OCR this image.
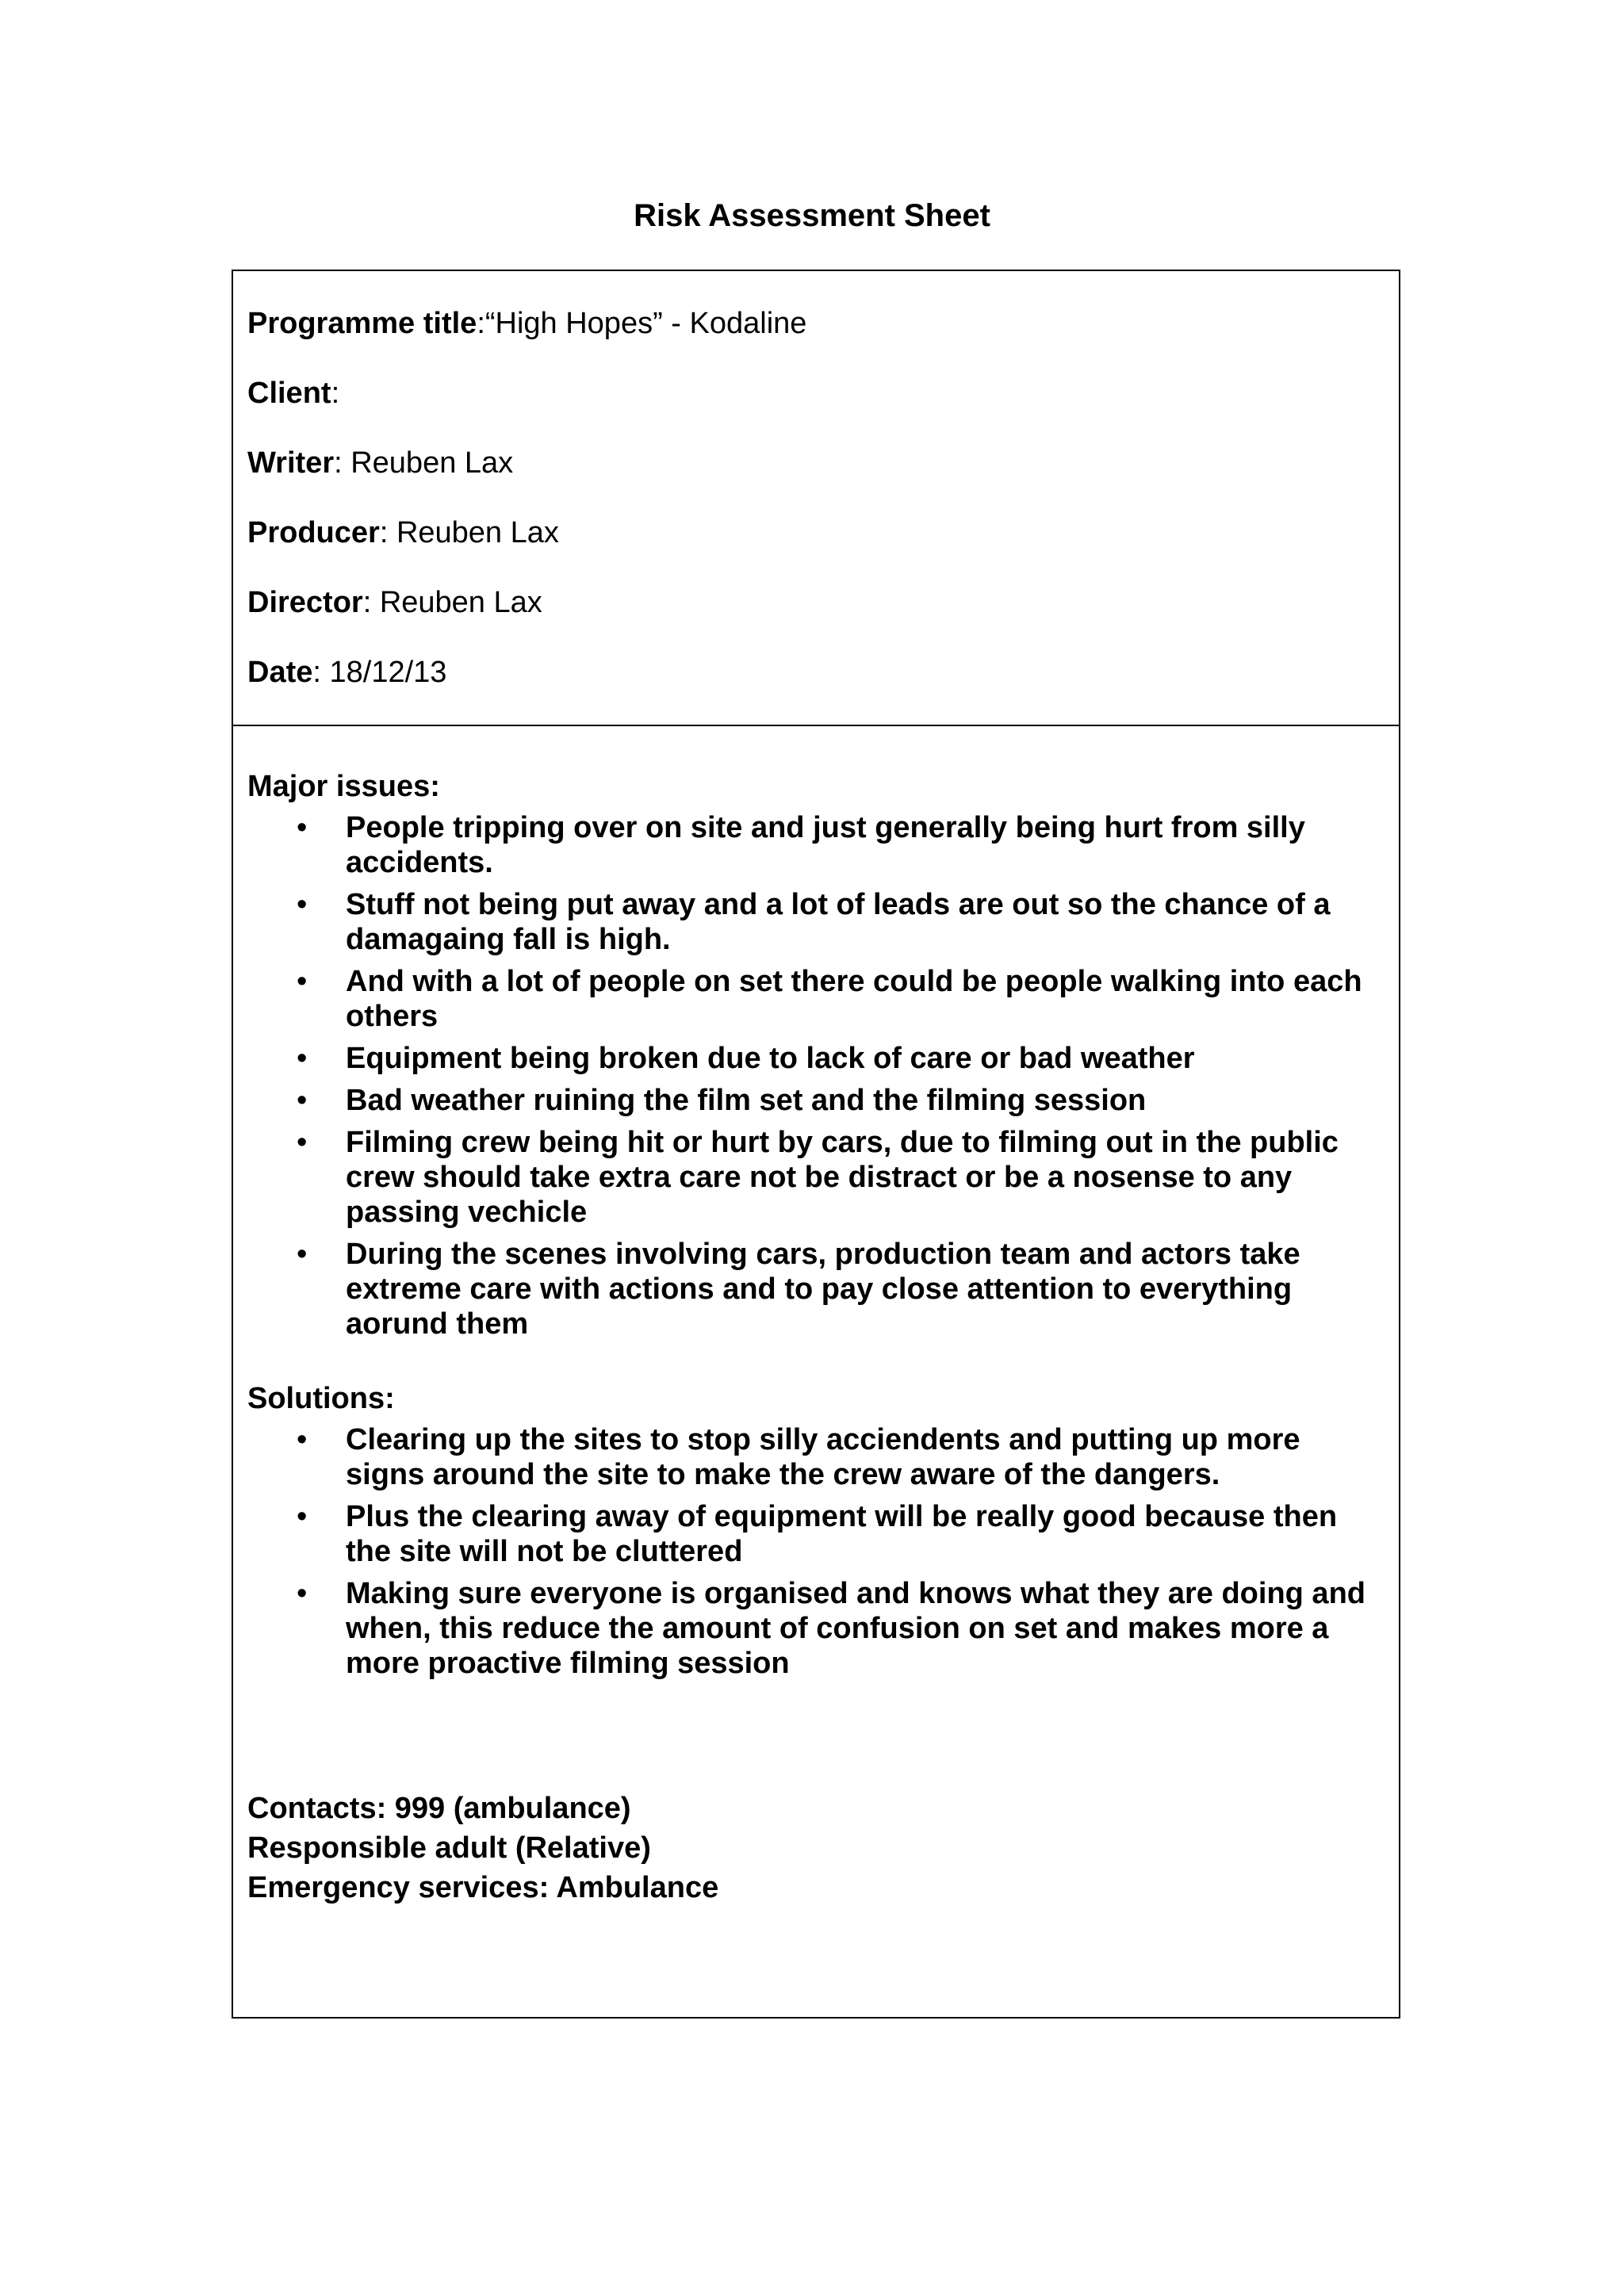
Risk Assessment Sheet
Programme title:“High Hopes” - Kodaline
Client:
Writer: Reuben Lax
Producer: Reuben Lax
Director: Reuben Lax
Date: 18/12/13
Major issues:
• People tripping over on site and just generally being hurt from silly accidents.
• Stuff not being put away and a lot of leads are out so the chance of a damagaing fall is high.
• And with a lot of people on set there could be people walking into each others
• Equipment being broken due to lack of care or bad weather
• Bad weather ruining the film set and the filming session
• Filming crew being hit or hurt by cars, due to filming out in the public crew should take extra care not be distract or be a nosense to any passing vechicle
• During the scenes involving cars, production team and actors take extreme care with actions and to pay close attention to everything aorund them
Solutions:
• Clearing up the sites to stop silly acciendents and putting up more signs around the site to make the crew aware of the dangers.
• Plus the clearing away of equipment will be really good because then the site will not be cluttered
• Making sure everyone is organised and knows what they are doing and when, this reduce the amount of confusion on set and makes more a more proactive filming session
Contacts: 999 (ambulance)
Responsible adult (Relative)
Emergency services: Ambulance
